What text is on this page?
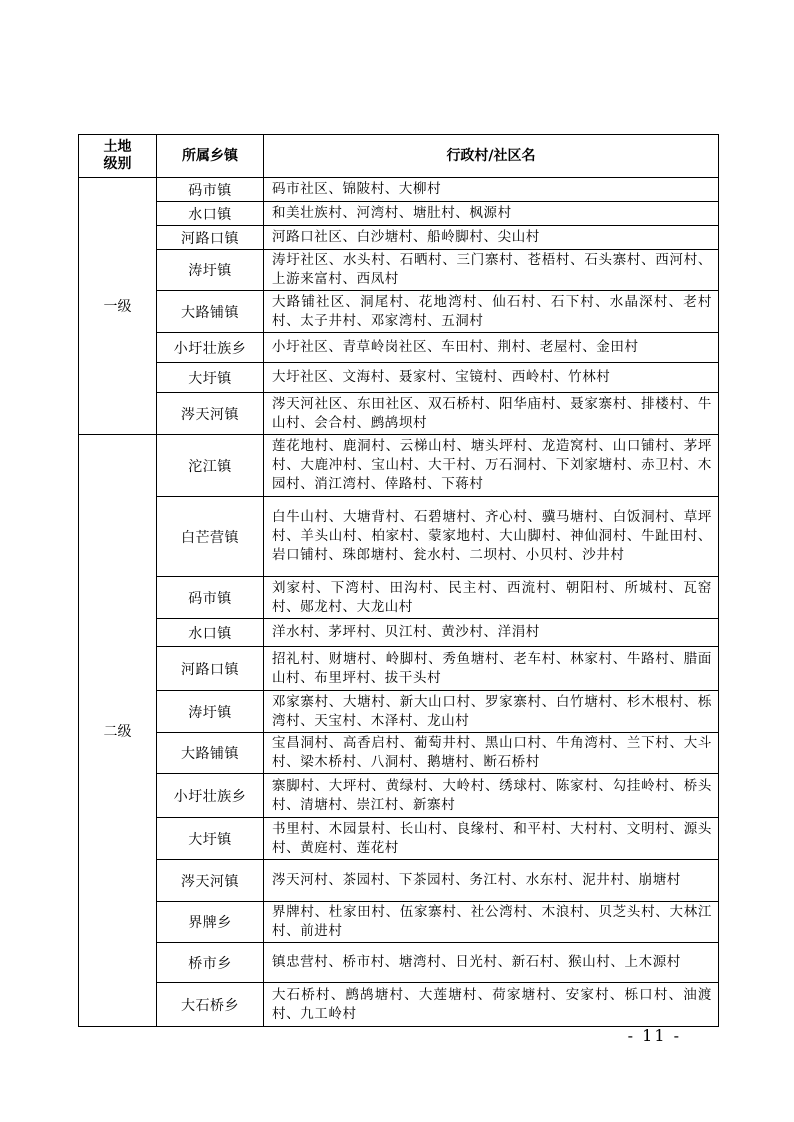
土地
级别	所属乡镇	行政村/社区名
一级	码市镇	码市社区、锦陂村、大柳村
	水口镇	和美壮族村、河湾村、塘肚村、枫源村
	河路口镇	河路口社区、白沙塘村、船岭脚村、尖山村
	涛圩镇	涛圩社区、水头村、石晒村、三门寨村、苍梧村、石头寨村、西河村、上游来富村、西凤村
	大路铺镇	大路铺社区、洞尾村、花地湾村、仙石村、石下村、水晶深村、老村村、太子井村、邓家湾村、五洞村
	小圩壮族乡	小圩社区、青草岭岗社区、车田村、荆村、老屋村、金田村
	大圩镇	大圩社区、文海村、聂家村、宝镜村、西岭村、竹林村
	涔天河镇	涔天河社区、东田社区、双石桥村、阳华庙村、聂家寨村、排楼村、牛山村、会合村、鹧鸪坝村
二级	沱江镇	莲花地村、鹿洞村、云梯山村、塘头坪村、龙造窝村、山口铺村、茅坪村、大鹿冲村、宝山村、大干村、万石洞村、下刘家塘村、赤卫村、木园村、消江湾村、倖路村、下蒋村
	白芒营镇	白牛山村、大塘背村、石碧塘村、齐心村、骥马塘村、白饭洞村、草坪村、羊头山村、柏家村、蒙家地村、大山脚村、神仙洞村、牛趾田村、岩口铺村、珠郎塘村、瓮水村、二坝村、小贝村、沙井村
	码市镇	刘家村、下湾村、田沟村、民主村、西流村、朝阳村、所城村、瓦窑村、郧龙村、大龙山村
	水口镇	洋水村、茅坪村、贝江村、黄沙村、洋涓村
	河路口镇	招礼村、财塘村、岭脚村、秀鱼塘村、老车村、林家村、牛路村、腊面山村、布里坪村、拔干头村
	涛圩镇	邓家寨村、大塘村、新大山口村、罗家寨村、白竹塘村、杉木根村、栎湾村、天宝村、木泽村、龙山村
	大路铺镇	宝昌洞村、高香启村、葡萄井村、黑山口村、牛角湾村、兰下村、大斗村、梁木桥村、八洞村、鹅塘村、断石桥村
	小圩壮族乡	寨脚村、大坪村、黄绿村、大岭村、绣球村、陈家村、勾挂岭村、桥头村、清塘村、崇江村、新寨村
	大圩镇	书里村、木园景村、长山村、良缘村、和平村、大村村、文明村、源头村、黄庭村、莲花村
	涔天河镇	涔天河村、茶园村、下茶园村、务江村、水东村、泥井村、崩塘村
	界牌乡	界牌村、杜家田村、伍家寨村、社公湾村、木浪村、贝芝头村、大林江村、前进村
	桥市乡	镇忠营村、桥市村、塘湾村、日光村、新石村、猴山村、上木源村
	大石桥乡	大石桥村、鹧鸪塘村、大莲塘村、荷家塘村、安家村、栎口村、油渡村、九工岭村
- 11 -
